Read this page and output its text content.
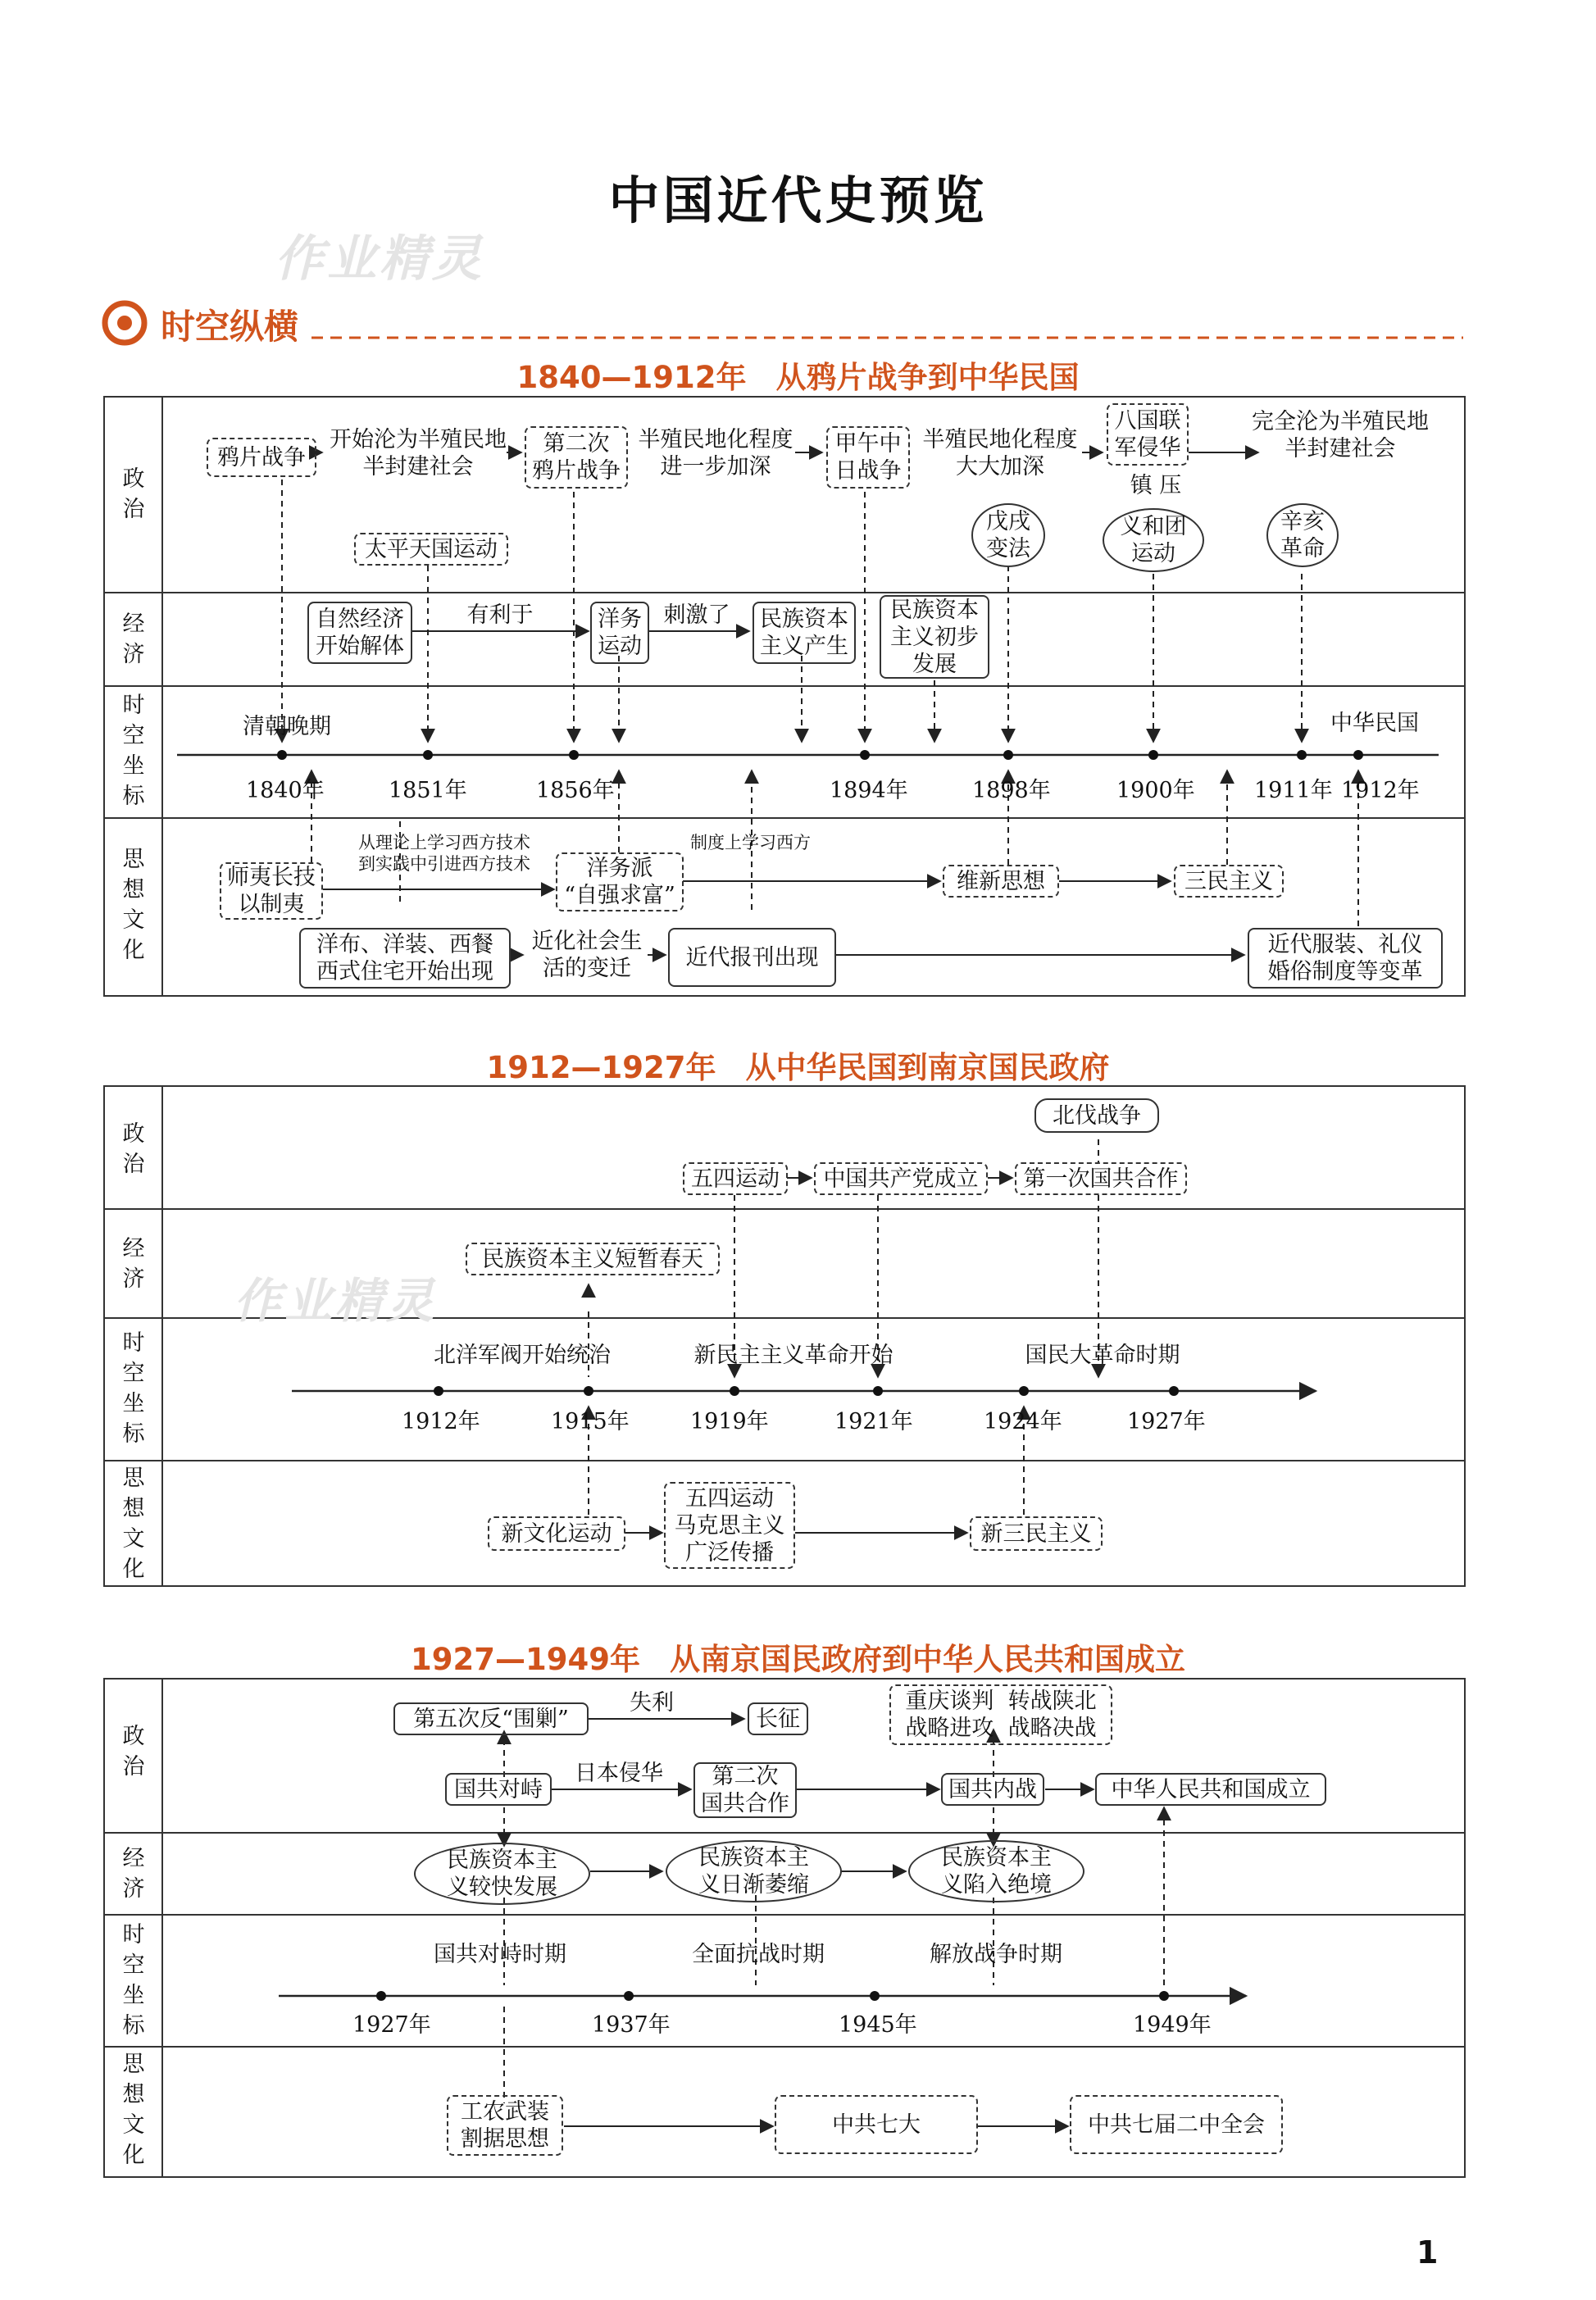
中国近代史预览
作业精灵
作业精灵
时空纵横
1840—1912年 从鸦片战争到中华民国
政
治
经
济
时
空
坐
标
思
想
文
化
鸦片战争
开始沦为半殖民地
半封建社会
第二次
鸦片战争
半殖民地化程度
进一步加深
甲午中
日战争
半殖民地化程度
大大加深
八国联
军侵华
完全沦为半殖民地
半封建社会
镇 压
太平天国运动
戊戌
变法
义和团
运动
辛亥
革命
自然经济
开始解体
有利于	洋务
运动
刺激了	民族资本
主义产生
民族资本
主义初步
发展
清朝晚期	中华民国
1840年	1851年	1856年	1894年	1898年	1900年	1911年 1912年
师夷长技
以制夷
从理论上学习西方技术
到实践中引进西方技术	洋务派
“自强求富”
制度上学习西方
维新思想	三民主义
洋布、洋装、西餐
西式住宅开始出现
近化社会生
活的变迁	近代报刊出现	近代服装、礼仪
婚俗制度等变革
1912—1927年 从中华民国到南京国民政府
政
治
经
济
时
空
坐
标
思
想
文
化
北伐战争
五四运动	中国共产党成立	第一次国共合作
民族资本主义短暂春天
北洋军阀开始统治	新民主主义革命开始	国民大革命时期
1912年	1915年	1919年	1921年	1924年	1927年
新文化运动
五四运动
马克思主义
广泛传播
新三民主义
1927—1949年 从南京国民政府到中华人民共和国成立
政
治
经
济
时
空
坐
标
思
想
文
化
第五次反“围剿”
失利
长征
国共对峙
日本侵华	第二次
国共合作
国共内战	中华人民共和国成立
重庆谈判  转战陕北
战略进攻  战略决战
民族资本主
义较快发展
民族资本主
义日渐萎缩
民族资本主
义陷入绝境
国共对峙时期	全面抗战时期	解放战争时期
1927年	1937年	1945年	1949年
工农武装
割据思想
中共七大	中共七届二中全会
1
